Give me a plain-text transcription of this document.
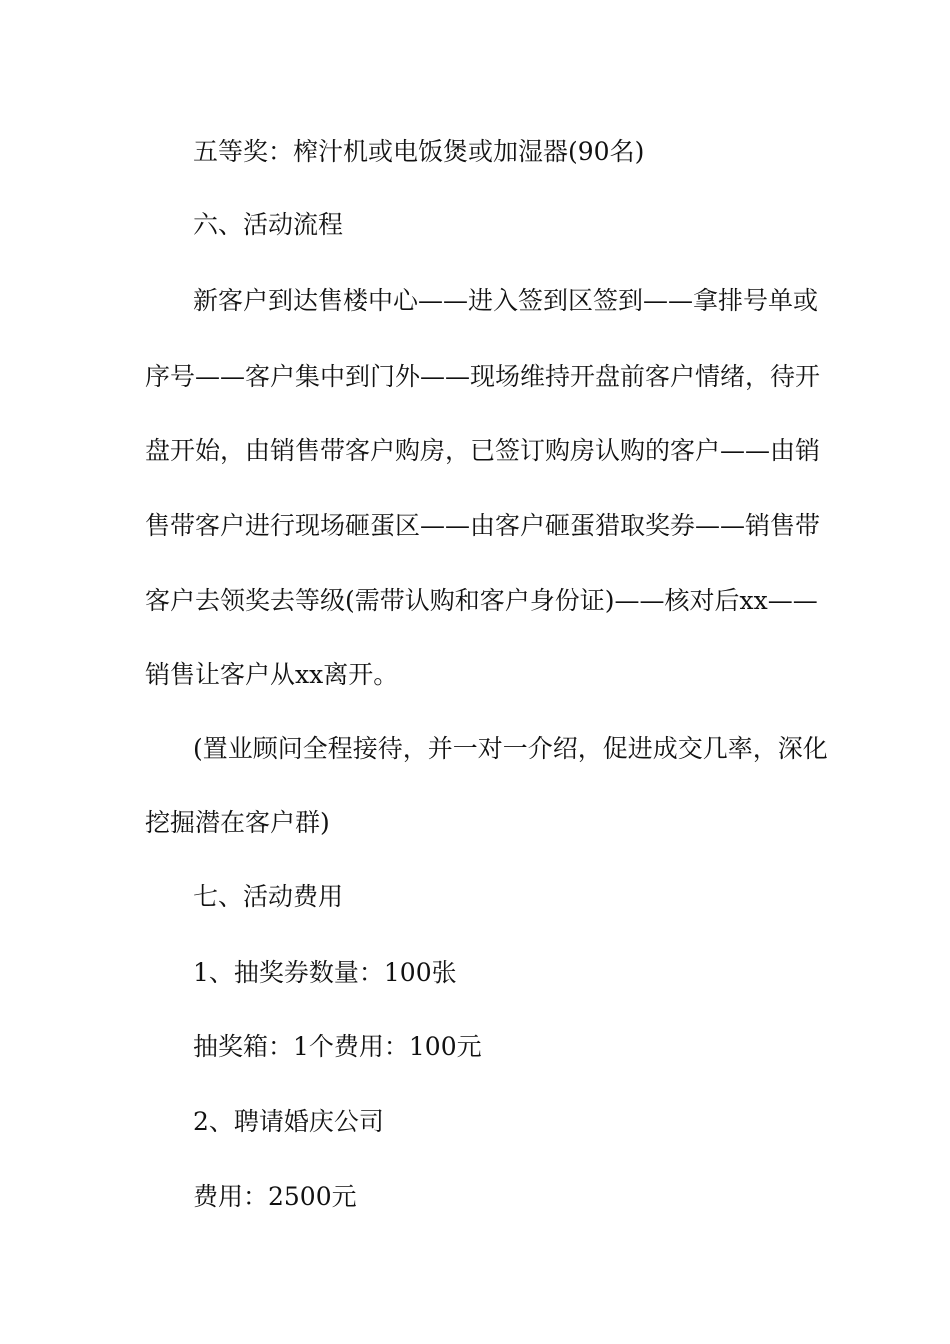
五等奖：榨汁机或电饭煲或加湿器(90名)
六、活动流程
新客户到达售楼中心——进入签到区签到——拿排号单或
序号——客户集中到门外——现场维持开盘前客户情绪，待开
盘开始，由销售带客户购房，已签订购房认购的客户——由销
售带客户进行现场砸蛋区——由客户砸蛋猎取奖券——销售带
客户去领奖去等级(需带认购和客户身份证)——核对后xx——
销售让客户从xx离开。
(置业顾问全程接待，并一对一介绍，促进成交几率，深化
挖掘潜在客户群)
七、活动费用
1、抽奖券数量：100张
抽奖箱：1个费用：100元
2、聘请婚庆公司
费用：2500元
